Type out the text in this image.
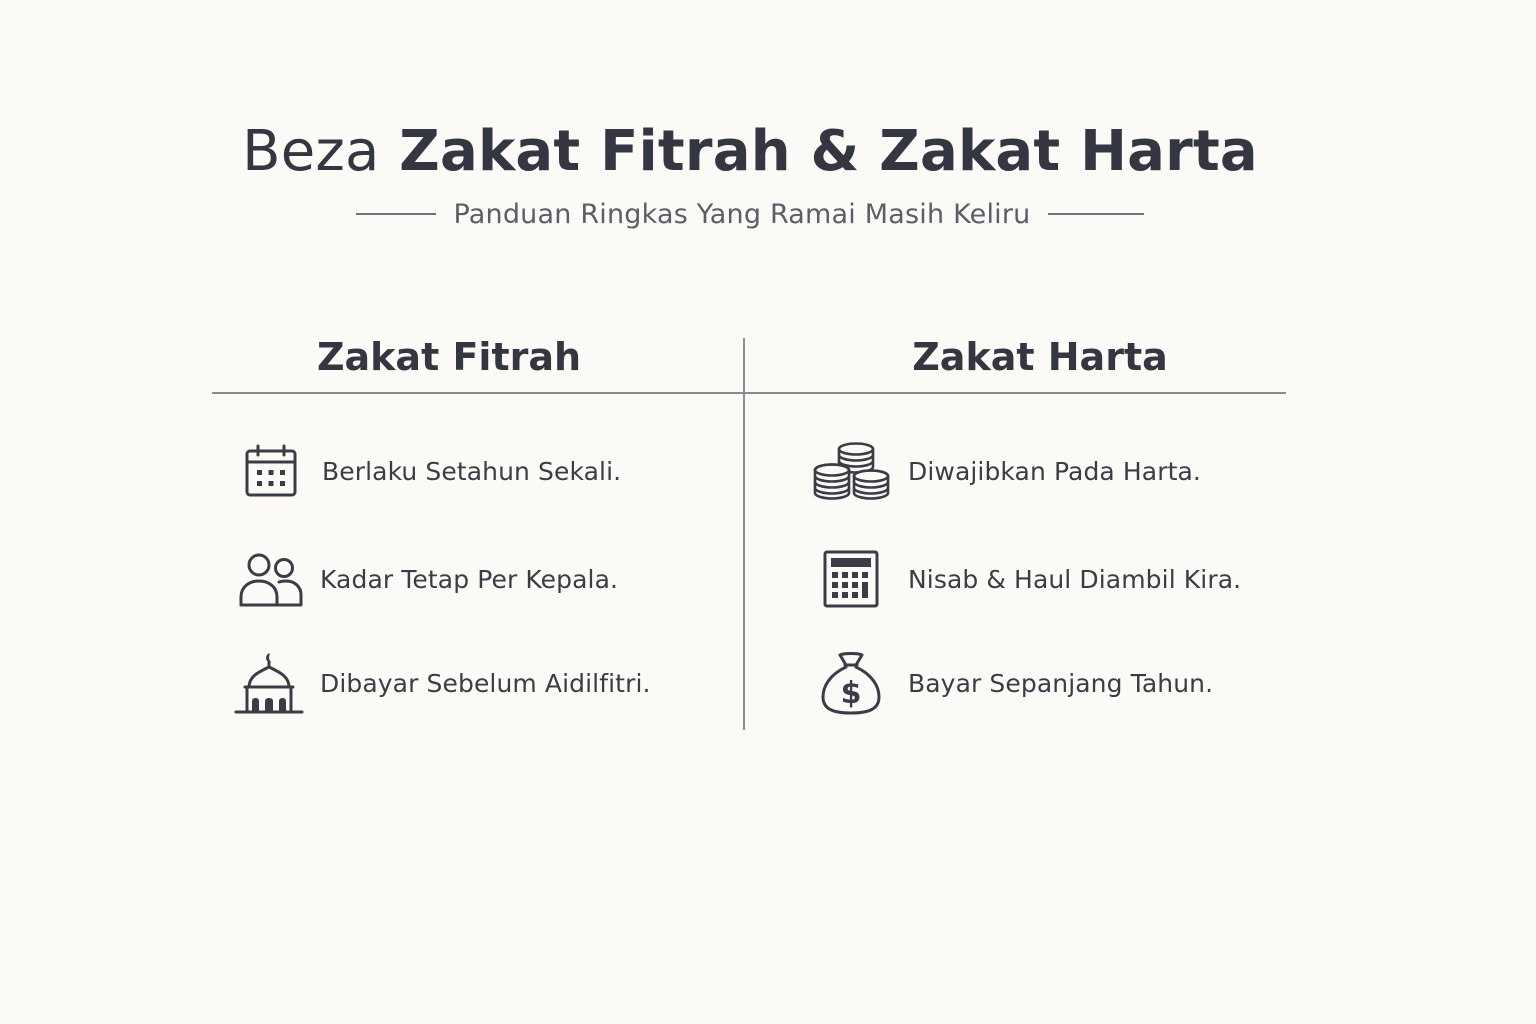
Beza Zakat Fitrah & Zakat Harta
Panduan Ringkas Yang Ramai Masih Keliru
Zakat Fitrah	Zakat Harta
Berlaku Setahun Sekali.
Kadar Tetap Per Kepala.
Dibayar Sebelum Aidilfitri.
Diwajibkan Pada Harta.
Nisab & Haul Diambil Kira.
$ Bayar Sepanjang Tahun.
